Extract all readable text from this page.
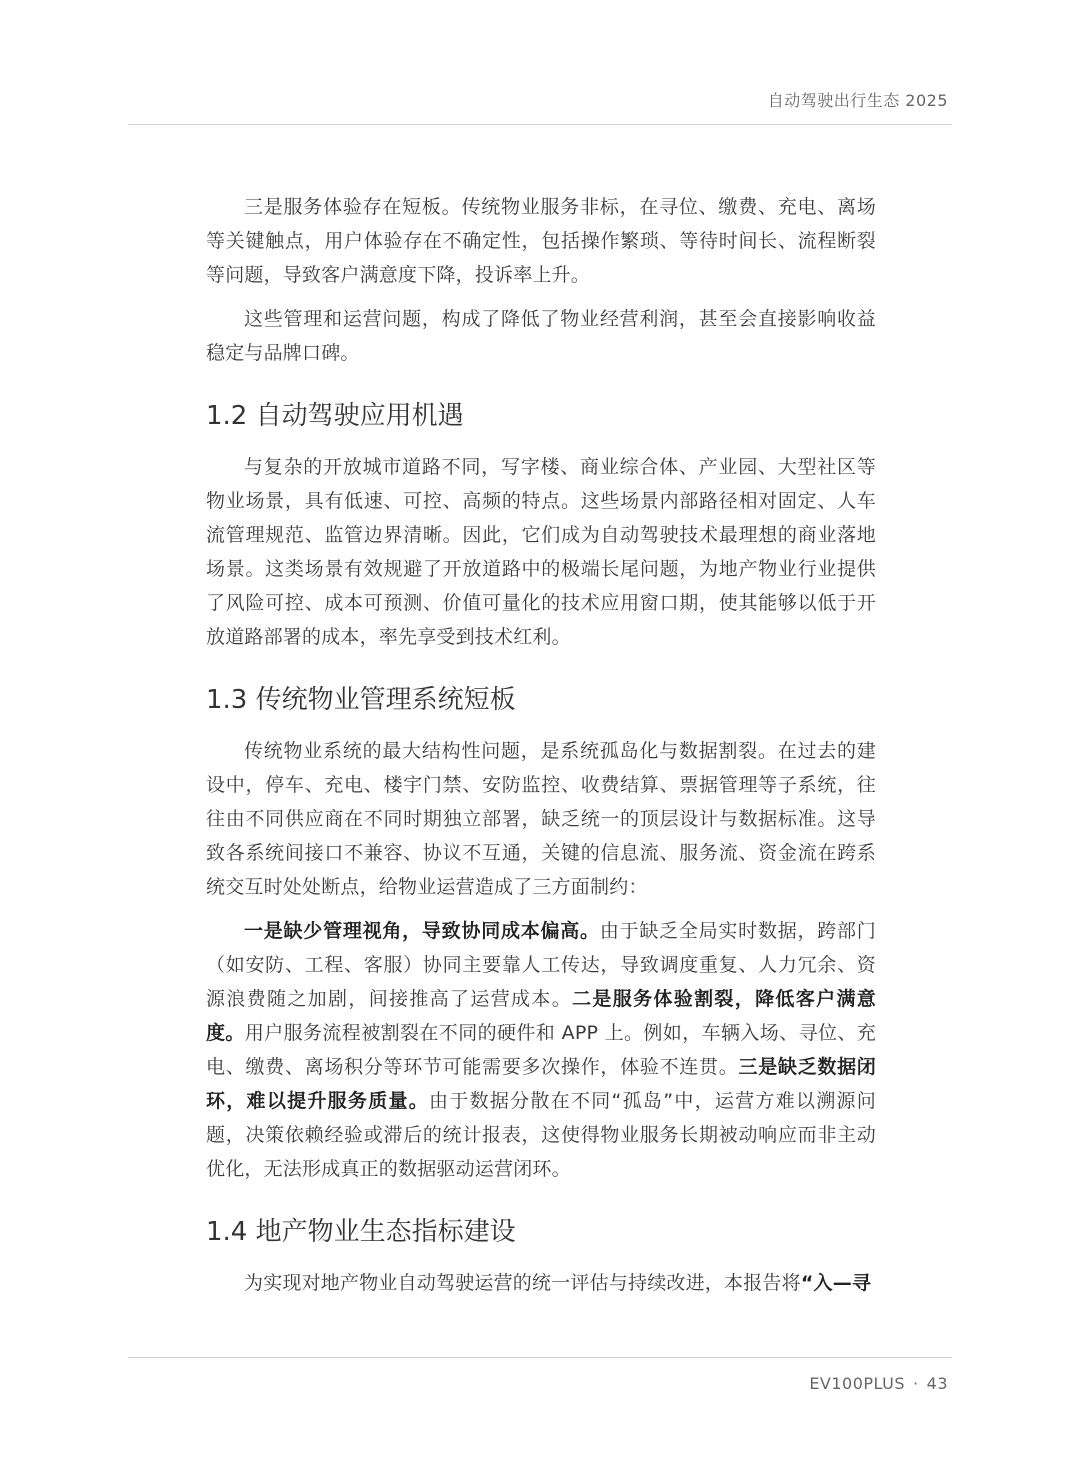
自动驾驶出行生态 2025

三是服务体验存在短板。传统物业服务非标，在寻位、缴费、充电、离场等关键触点，用户体验存在不确定性，包括操作繁琐、等待时间长、流程断裂等问题，导致客户满意度下降，投诉率上升。

这些管理和运营问题，构成了降低了物业经营利润，甚至会直接影响收益稳定与品牌口碑。

1.2 自动驾驶应用机遇

与复杂的开放城市道路不同，写字楼、商业综合体、产业园、大型社区等物业场景，具有低速、可控、高频的特点。这些场景内部路径相对固定、人车流管理规范、监管边界清晰。因此，它们成为自动驾驶技术最理想的商业落地场景。这类场景有效规避了开放道路中的极端长尾问题，为地产物业行业提供了风险可控、成本可预测、价值可量化的技术应用窗口期，使其能够以低于开放道路部署的成本，率先享受到技术红利。

1.3 传统物业管理系统短板

传统物业系统的最大结构性问题，是系统孤岛化与数据割裂。在过去的建设中，停车、充电、楼宇门禁、安防监控、收费结算、票据管理等子系统，往往由不同供应商在不同时期独立部署，缺乏统一的顶层设计与数据标准。这导致各系统间接口不兼容、协议不互通，关键的信息流、服务流、资金流在跨系统交互时处处断点，给物业运营造成了三方面制约：

一是缺少管理视角，导致协同成本偏高。由于缺乏全局实时数据，跨部门（如安防、工程、客服）协同主要靠人工传达，导致调度重复、人力冗余、资源浪费随之加剧，间接推高了运营成本。二是服务体验割裂，降低客户满意度。用户服务流程被割裂在不同的硬件和 APP 上。例如，车辆入场、寻位、充电、缴费、离场积分等环节可能需要多次操作，体验不连贯。三是缺乏数据闭环，难以提升服务质量。由于数据分散在不同“孤岛”中，运营方难以溯源问题，决策依赖经验或滞后的统计报表，这使得物业服务长期被动响应而非主动优化，无法形成真正的数据驱动运营闭环。

1.4 地产物业生态指标建设

为实现对地产物业自动驾驶运营的统一评估与持续改进，本报告将“入—寻

EV100PLUS · 43
